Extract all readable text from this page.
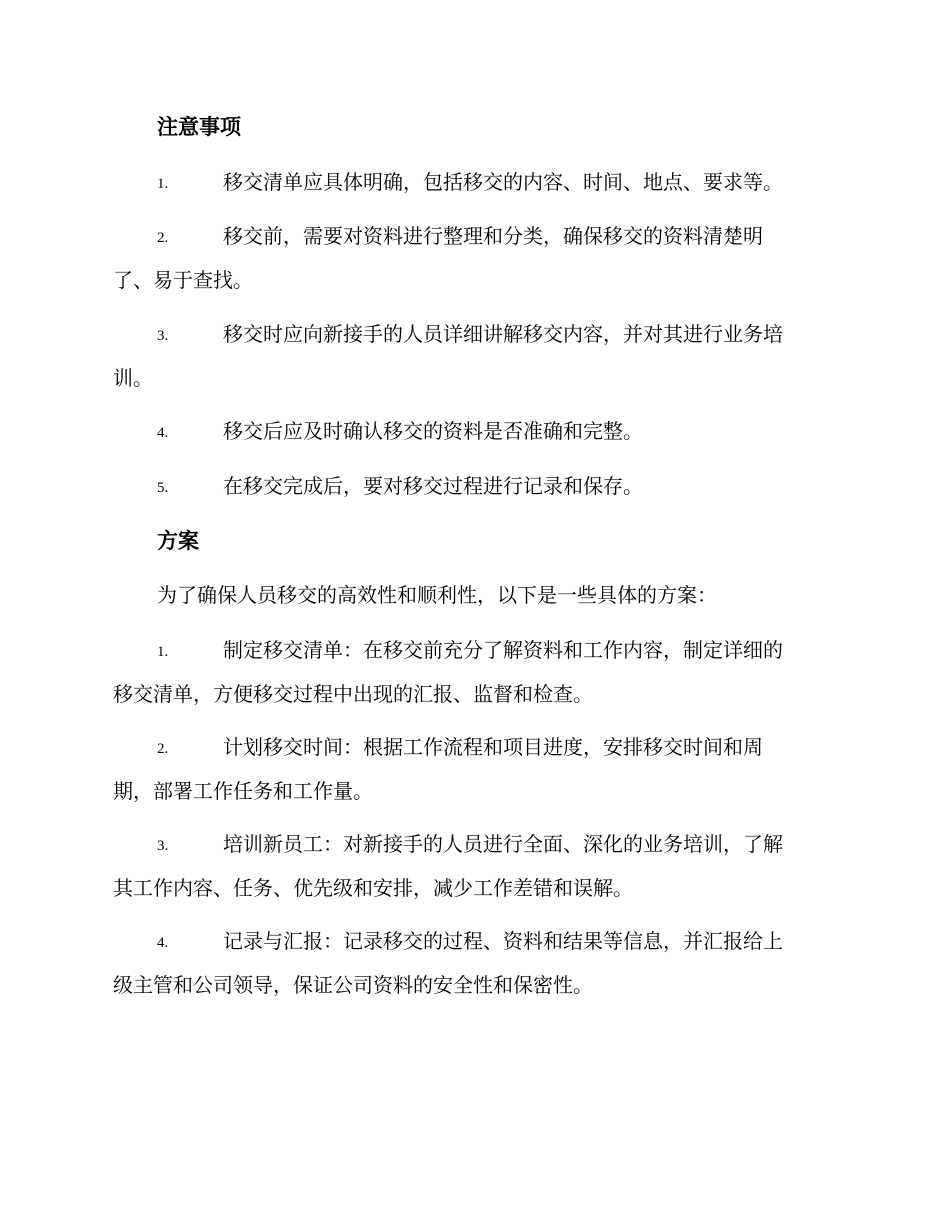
注意事项
1.	移交清单应具体明确，包括移交的内容、时间、地点、要求等。
2.	移交前，需要对资料进行整理和分类，确保移交的资料清楚明
了、易于查找。
3.	移交时应向新接手的人员详细讲解移交内容，并对其进行业务培
训。
4.	移交后应及时确认移交的资料是否准确和完整。
5.	在移交完成后，要对移交过程进行记录和保存。
方案
为了确保人员移交的高效性和顺利性，以下是一些具体的方案：
1.	制定移交清单：在移交前充分了解资料和工作内容，制定详细的
移交清单，方便移交过程中出现的汇报、监督和检查。
2.	计划移交时间：根据工作流程和项目进度，安排移交时间和周
期，部署工作任务和工作量。
3.	培训新员工：对新接手的人员进行全面、深化的业务培训，了解
其工作内容、任务、优先级和安排，减少工作差错和误解。
4.	记录与汇报：记录移交的过程、资料和结果等信息，并汇报给上
级主管和公司领导，保证公司资料的安全性和保密性。
